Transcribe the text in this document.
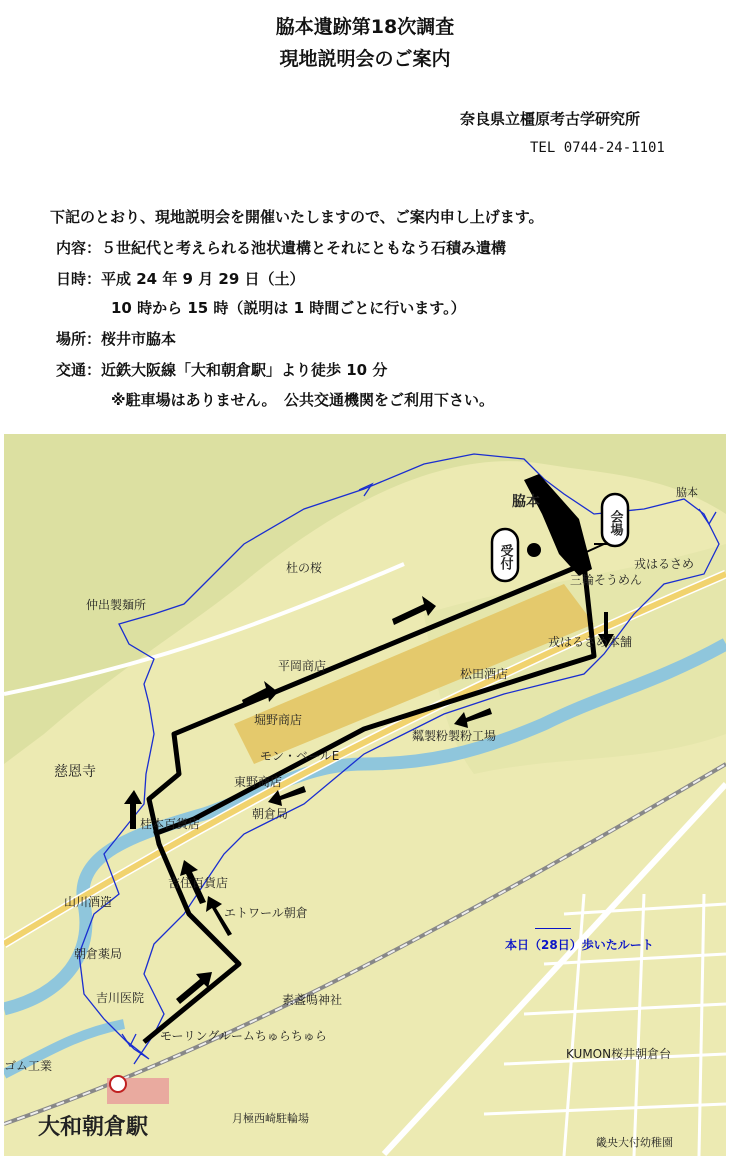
脇本遺跡第18次調査
現地説明会のご案内
奈良県立橿原考古学研究所
TEL 0744-24-1101
下記のとおり、現地説明会を開催いたしますので、ご案内申し上げます。
内容：５世紀代と考えられる池状遺構とそれにともなう石積み遺構
日時：平成 24 年 9 月 29 日（土）
10 時から 15 時（説明は 1 時間ごとに行います。）
場所：桜井市脇本
交通：近鉄大阪線「大和朝倉駅」より徒歩 10 分
※駐車場はありません。　公共交通機関をご利用下さい。
脇本
脇本
会場
受付
杜の桜
仲出製麺所
平岡商店
堀野商店
慈恩寺
モン・ベールE
東野商店
朝倉局
桂本百貨店
吉住百貨店
山川酒造
朝倉薬局
エトワール朝倉
吉川医院	素盞嗚神社
モーリングルームちゅらちゅら
KUMON桜井朝倉台
ゴム工業
大和朝倉駅	月極西崎駐輪場
畿央大付幼稚園
三輪そうめん
戎はるさめ本舗
戎はるさめ
松田酒店
𥻘製粉製粉工場
本日（28日）歩いたルート
